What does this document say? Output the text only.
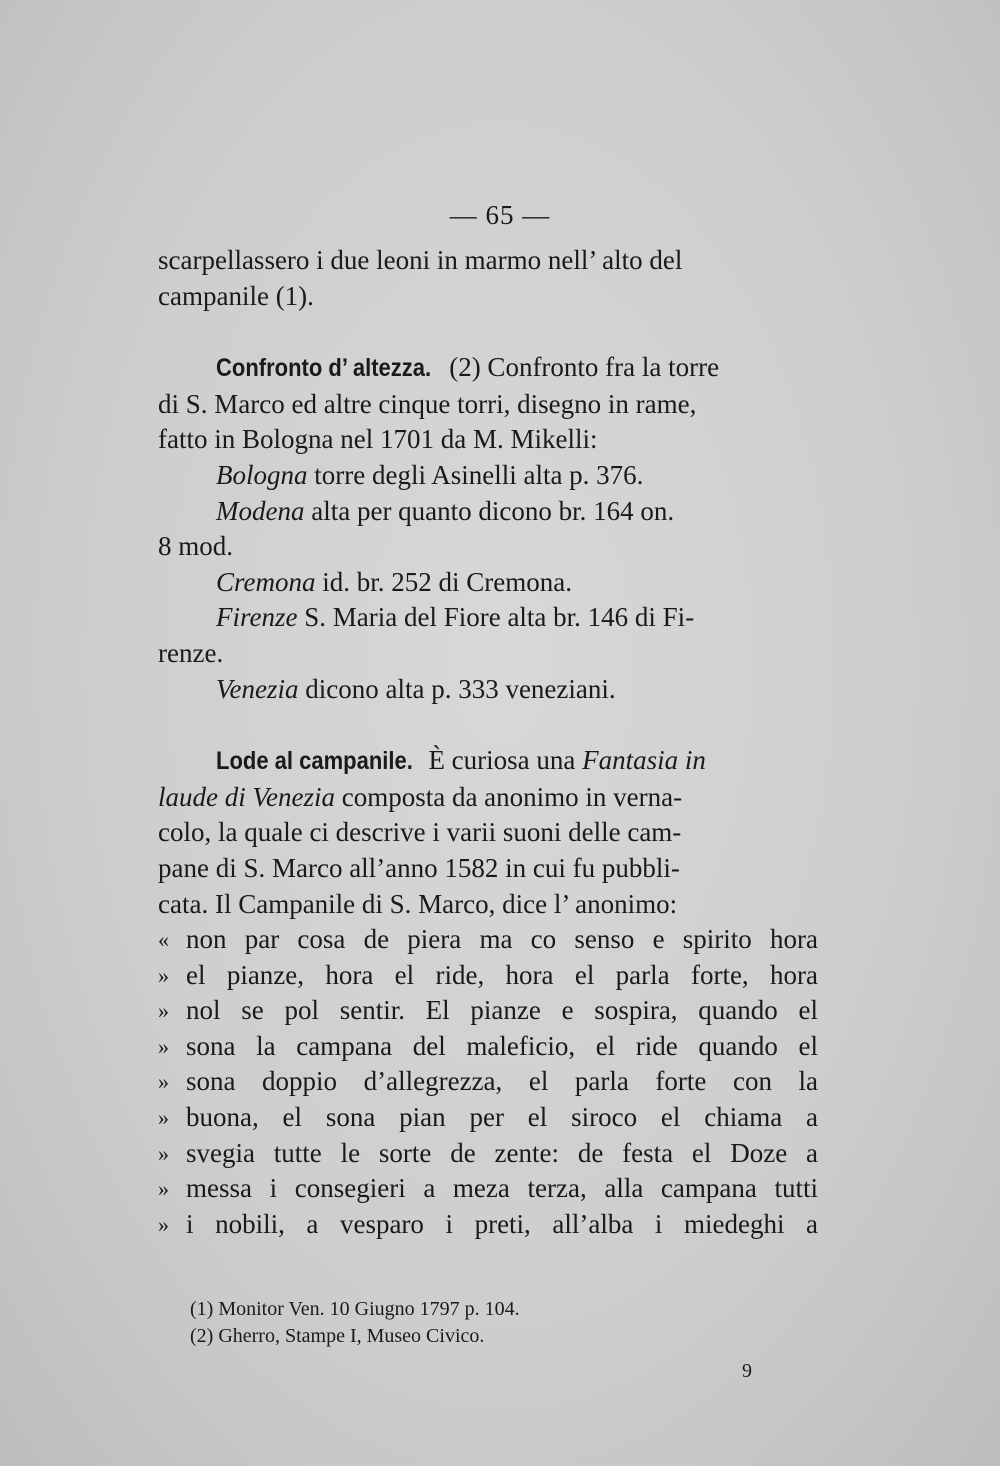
— 65 —
scarpellassero i due leoni in marmo nell’ alto del
campanile (1).
Confronto d’ altezza. (2) Confronto fra la torre
di S. Marco ed altre cinque torri, disegno in rame,
fatto in Bologna nel 1701 da M. Mikelli:
Bologna torre degli Asinelli alta p. 376.
Modena alta per quanto dicono br. 164 on.
8 mod.
Cremona id. br. 252 di Cremona.
Firenze S. Maria del Fiore alta br. 146 di Fi-
renze.
Venezia dicono alta p. 333 veneziani.
Lode al campanile. È curiosa una Fantasia in
laude di Venezia composta da anonimo in verna-
colo, la quale ci descrive i varii suoni delle cam-
pane di S. Marco all’anno 1582 in cui fu pubbli-
cata. Il Campanile di S. Marco, dice l’ anonimo:
« non par cosa de piera ma co senso e spirito hora
» el pianze, hora el ride, hora el parla forte, hora
» nol se pol sentir. El pianze e sospira, quando el
» sona la campana del maleficio, el ride quando el
» sona doppio d’allegrezza, el parla forte con la
» buona, el sona pian per el siroco el chiama a
» svegia tutte le sorte de zente: de festa el Doze a
» messa i consegieri a meza terza, alla campana tutti
» i nobili, a vesparo i preti, all’alba i miedeghi a
(1) Monitor Ven. 10 Giugno 1797 p. 104.
(2) Gherro, Stampe I, Museo Civico.
9
